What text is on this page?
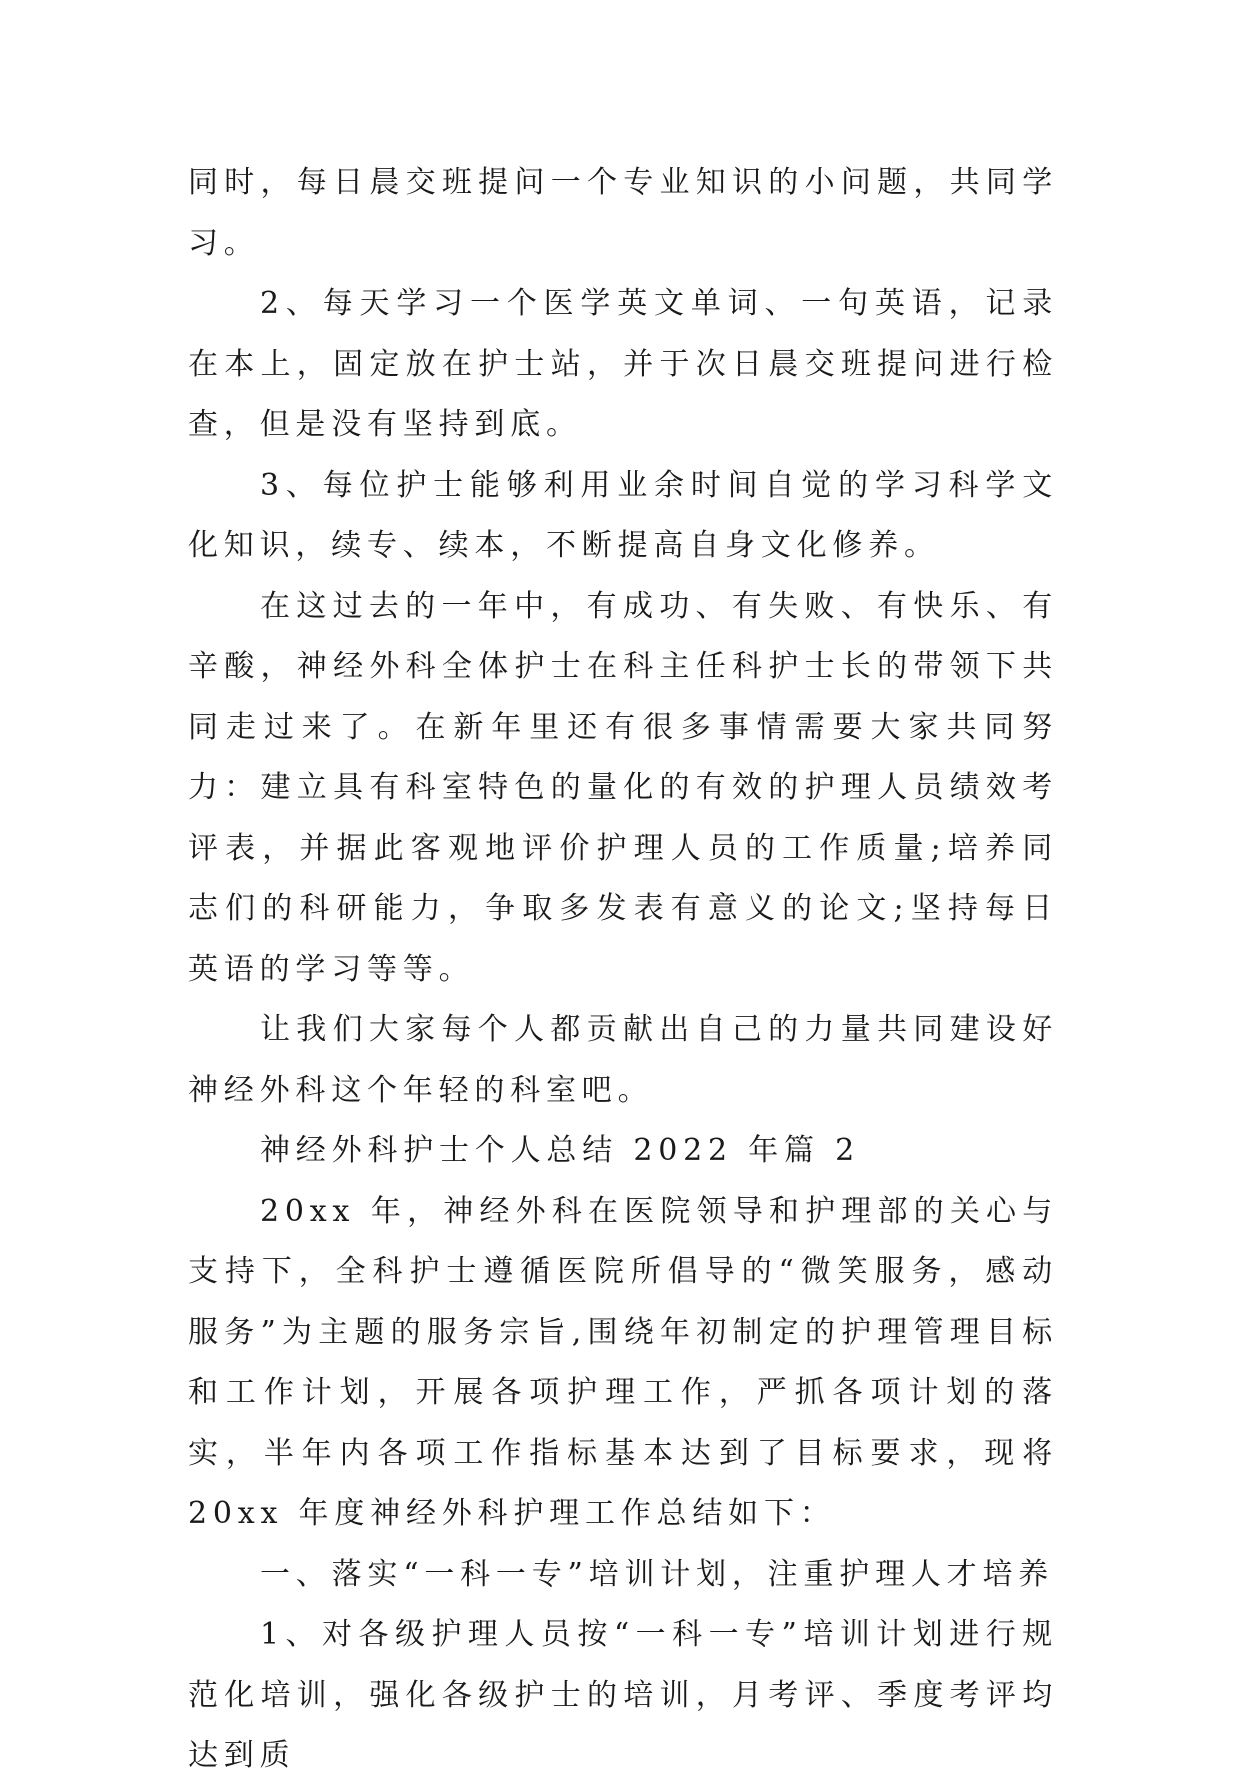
同时，每日晨交班提问一个专业知识的小问题，共同学习。

2、每天学习一个医学英文单词、一句英语，记录在本上，固定放在护士站，并于次日晨交班提问进行检查，但是没有坚持到底。

3、每位护士能够利用业余时间自觉的学习科学文化知识，续专、续本，不断提高自身文化修养。

在这过去的一年中，有成功、有失败、有快乐、有辛酸，神经外科全体护士在科主任科护士长的带领下共同走过来了。在新年里还有很多事情需要大家共同努力：建立具有科室特色的量化的有效的护理人员绩效考评表，并据此客观地评价护理人员的工作质量;培养同志们的科研能力，争取多发表有意义的论文;坚持每日英语的学习等等。

让我们大家每个人都贡献出自己的力量共同建设好神经外科这个年轻的科室吧。

神经外科护士个人总结 2022 年篇 2

20xx 年，神经外科在医院领导和护理部的关心与支持下，全科护士遵循医院所倡导的“微笑服务，感动服务”为主题的服务宗旨,围绕年初制定的护理管理目标和工作计划，开展各项护理工作，严抓各项计划的落实，半年内各项工作指标基本达到了目标要求，现将 20xx 年度神经外科护理工作总结如下：

一、落实“一科一专”培训计划，注重护理人才培养

1、对各级护理人员按“一科一专”培训计划进行规范化培训，强化各级护士的培训，月考评、季度考评均达到质
